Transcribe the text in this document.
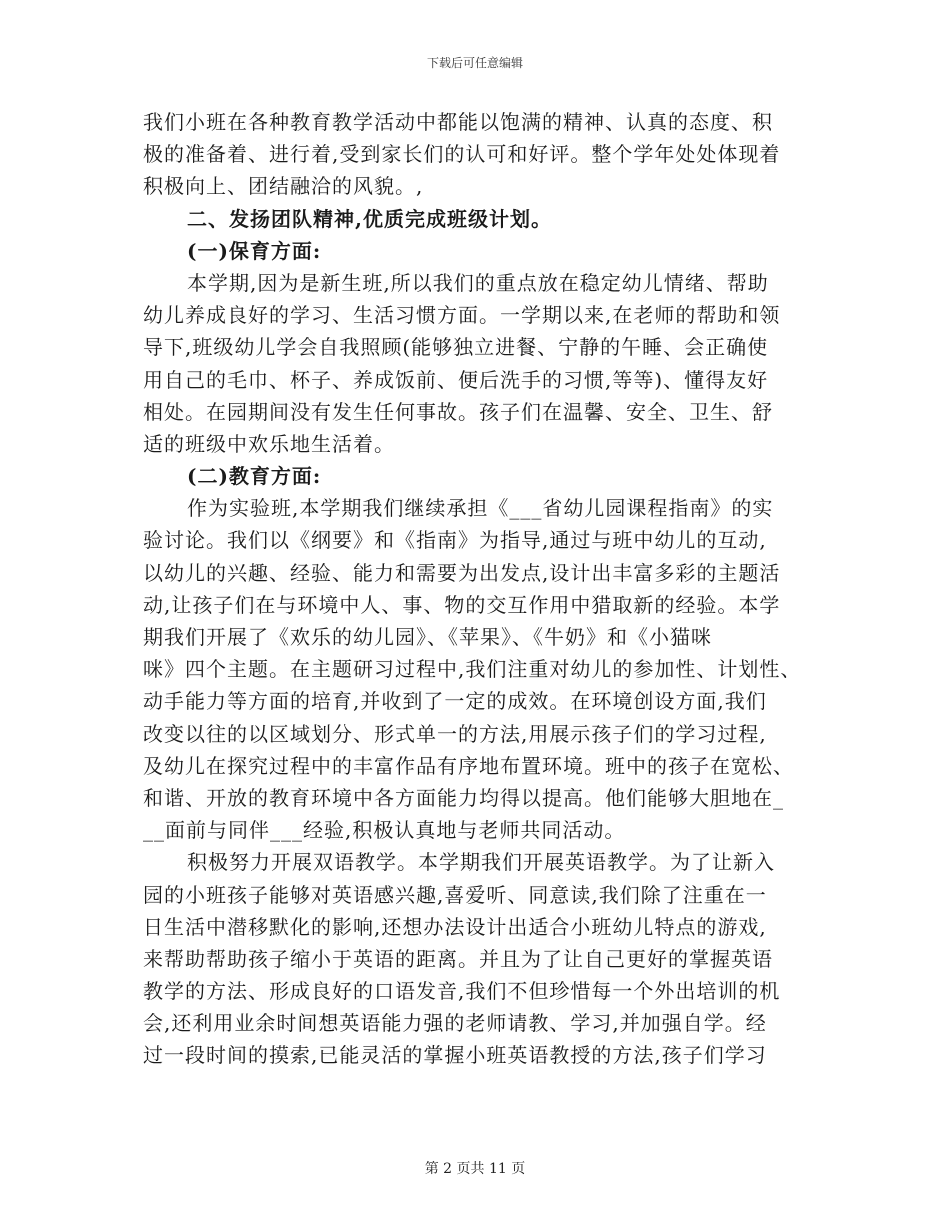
下载后可任意编辑
我们小班在各种教育教学活动中都能以饱满的精神、认真的态度、积
极的准备着、进行着,受到家长们的认可和好评。整个学年处处体现着
积极向上、团结融洽的风貌。,
二、发扬团队精神,优质完成班级计划。
(一)保育方面:
本学期,因为是新生班,所以我们的重点放在稳定幼儿情绪、帮助
幼儿养成良好的学习、生活习惯方面。一学期以来,在老师的帮助和领
导下,班级幼儿学会自我照顾(能够独立进餐、宁静的午睡、会正确使
用自己的毛巾、杯子、养成饭前、便后洗手的习惯,等等)、懂得友好
相处。在园期间没有发生任何事故。孩子们在温馨、安全、卫生、舒
适的班级中欢乐地生活着。
(二)教育方面:
作为实验班,本学期我们继续承担《___省幼儿园课程指南》的实
验讨论。我们以《纲要》和《指南》为指导,通过与班中幼儿的互动,
以幼儿的兴趣、经验、能力和需要为出发点,设计出丰富多彩的主题活
动,让孩子们在与环境中人、事、物的交互作用中猎取新的经验。本学
期我们开展了《欢乐的幼儿园》、《苹果》、《牛奶》和《小猫咪
咪》四个主题。在主题研习过程中,我们注重对幼儿的参加性、计划性、
动手能力等方面的培育,并收到了一定的成效。在环境创设方面,我们
改变以往的以区域划分、形式单一的方法,用展示孩子们的学习过程,
及幼儿在探究过程中的丰富作品有序地布置环境。班中的孩子在宽松、
和谐、开放的教育环境中各方面能力均得以提高。他们能够大胆地在_
__面前与同伴___经验,积极认真地与老师共同活动。
积极努力开展双语教学。本学期我们开展英语教学。为了让新入
园的小班孩子能够对英语感兴趣,喜爱听、同意读,我们除了注重在一
日生活中潜移默化的影响,还想办法设计出适合小班幼儿特点的游戏,
来帮助帮助孩子缩小于英语的距离。并且为了让自己更好的掌握英语
教学的方法、形成良好的口语发音,我们不但珍惜每一个外出培训的机
会,还利用业余时间想英语能力强的老师请教、学习,并加强自学。经
过一段时间的摸索,已能灵活的掌握小班英语教授的方法,孩子们学习
第 2 页共 11 页
